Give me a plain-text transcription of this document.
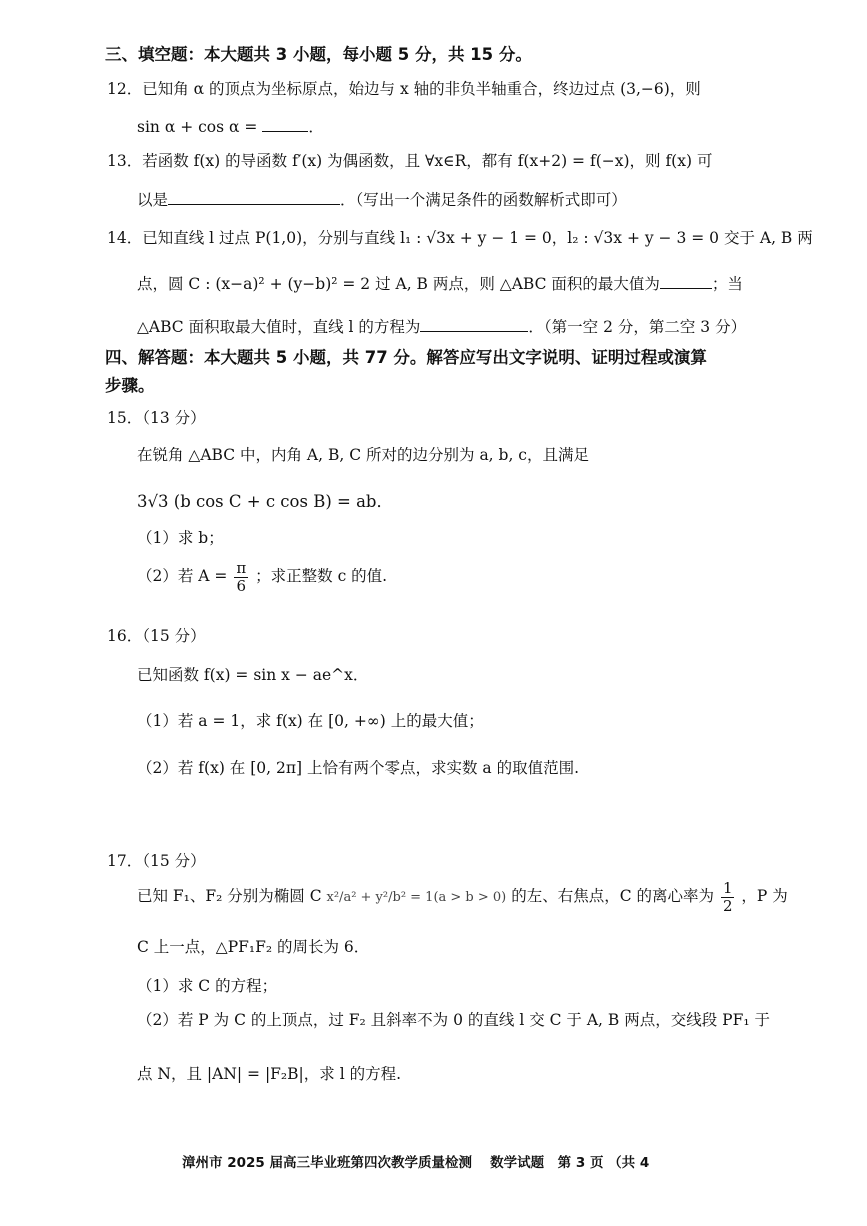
三、填空题：本大题共 3 小题，每小题 5 分，共 15 分。
12．已知角 α 的顶点为坐标原点，始边与 x 轴的非负半轴重合，终边过点 (3,−6)，则
sin α + cos α =	．
13．若函数 f(x) 的导函数 f′(x) 为偶函数，且 ∀x∈R，都有 f(x+2) = f(−x)，则 f(x) 可
以是	．（写出一个满足条件的函数解析式即可）
14．已知直线 l 过点 P(1,0)，分别与直线 l₁ : √3x + y − 1 = 0，l₂ : √3x + y − 3 = 0 交于 A, B 两
点，圆 C : (x−a)² + (y−b)² = 2 过 A, B 两点，则 △ABC 面积的最大值为	；当
△ABC 面积取最大值时，直线 l 的方程为	．（第一空 2 分，第二空 3 分）
四、解答题：本大题共 5 小题，共 77 分。解答应写出文字说明、证明过程或演算
步骤。
15．（13 分）
在锐角 △ABC 中，内角 A, B, C 所对的边分别为 a, b, c，且满足
3√3 (b cos C + c cos B) = ab．
（1）求 b；
（2）若 $A = \frac{\pi}{6}$ ；求正整数 c 的值.
16．（15 分）
已知函数 f(x) = sin x − ae^x．
（1）若 a = 1，求 f(x) 在 [0, +∞) 上的最大值；
（2）若 f(x) 在 [0, 2π] 上恰有两个零点，求实数 a 的取值范围.
17．（15 分）
已知 F₁、F₂ 分别为椭圆 C x²/a² + y²/b² = 1(a > b > 0) 的左、右焦点，C 的离心率为 $\frac{1}{2}$ ，P 为
C 上一点，△PF₁F₂ 的周长为 6．
（1）求 C 的方程；
（2）若 P 为 C 的上顶点，过 F₂ 且斜率不为 0 的直线 l 交 C 于 A, B 两点，交线段 PF₁ 于
点 N，且 |AN| = |F₂B|，求 l 的方程.
漳州市 2025 届高三毕业班第四次教学质量检测　 数学试题　第 3 页 （共 4
